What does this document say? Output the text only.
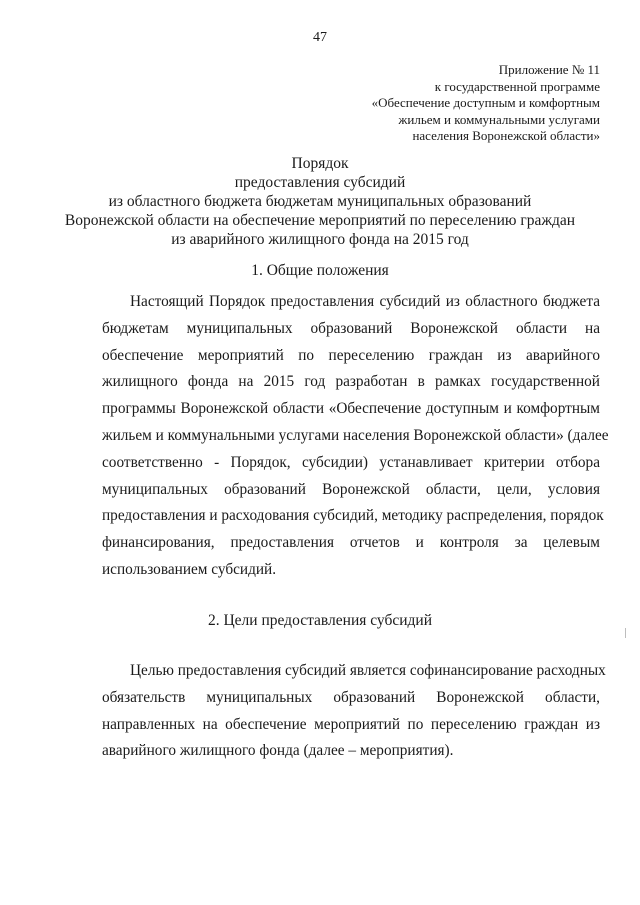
47
Приложение № 11
к государственной программе
«Обеспечение доступным и комфортным
жильем и коммунальными услугами
населения Воронежской области»
Порядок
предоставления субсидий
из областного бюджета бюджетам муниципальных образований
Воронежской области на обеспечение мероприятий по переселению граждан
из аварийного жилищного фонда на 2015 год
1. Общие положения
Настоящий Порядок предоставления субсидий из областного бюджета
бюджетам муниципальных образований Воронежской области на
обеспечение мероприятий по переселению граждан из аварийного
жилищного фонда на 2015 год разработан в рамках государственной
программы Воронежской области «Обеспечение доступным и комфортным
жильем и коммунальными услугами населения Воронежской области» (далее
соответственно - Порядок, субсидии) устанавливает критерии отбора
муниципальных образований Воронежской области, цели, условия
предоставления и расходования субсидий, методику распределения, порядок
финансирования, предоставления отчетов и контроля за целевым
использованием субсидий.
2. Цели предоставления субсидий
Целью предоставления субсидий является софинансирование расходных
обязательств муниципальных образований Воронежской области,
направленных на обеспечение мероприятий по переселению граждан из
аварийного жилищного фонда (далее – мероприятия).
